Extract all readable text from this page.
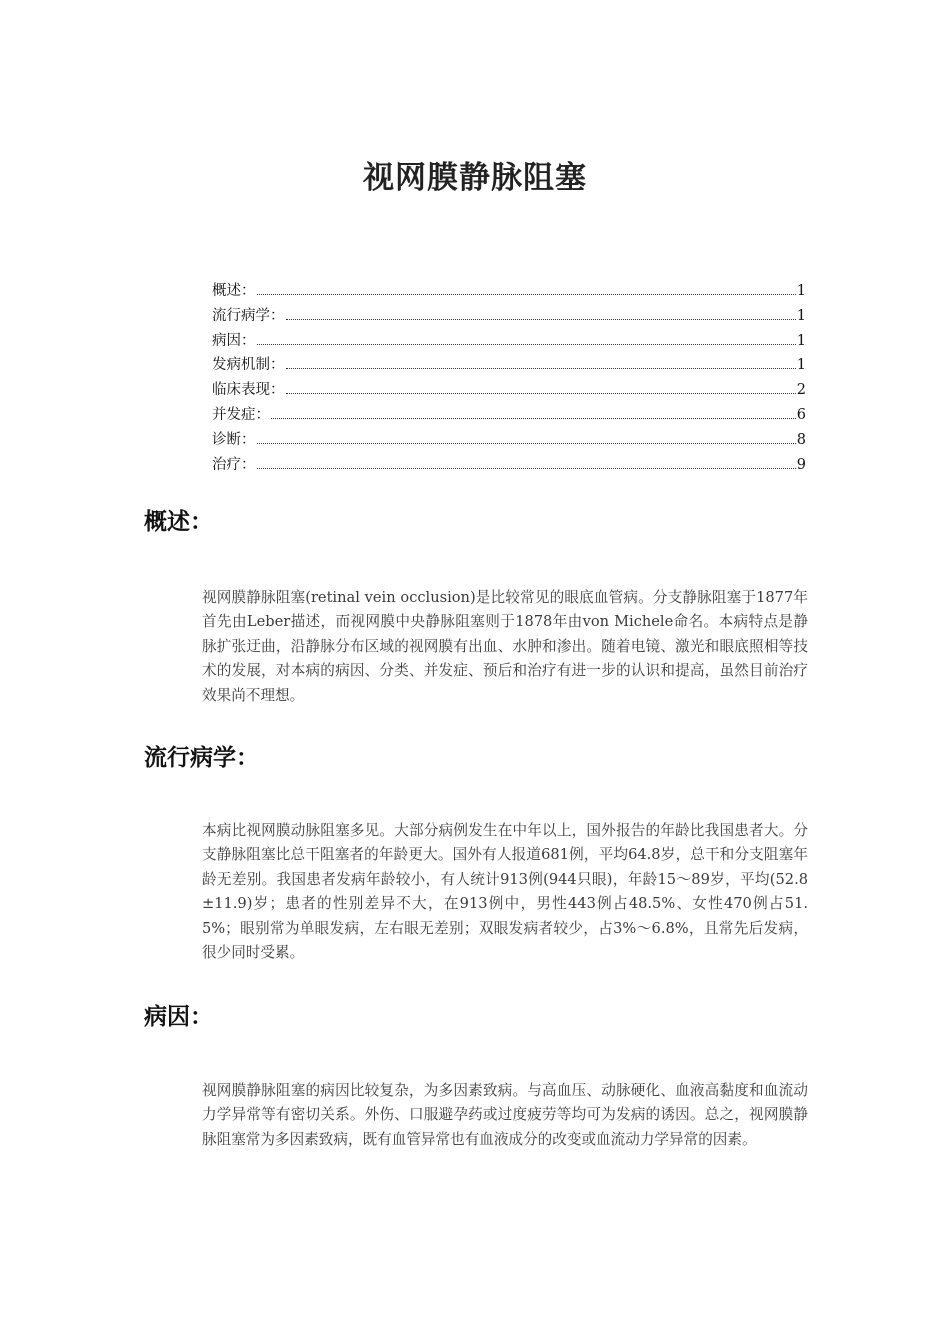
视网膜静脉阻塞
概述：	1
流行病学：	1
病因：	1
发病机制：	1
临床表现：	2
并发症：	6
诊断：	8
治疗：	9
概述：

视网膜静脉阻塞(retinal vein occlusion)是比较常见的眼底血管病。分支静脉阻塞于1877年首先由Leber描述，而视网膜中央静脉阻塞则于1878年由von Michele命名。本病特点是静脉扩张迂曲，沿静脉分布区域的视网膜有出血、水肿和渗出。随着电镜、激光和眼底照相等技术的发展，对本病的病因、分类、并发症、预后和治疗有进一步的认识和提高，虽然目前治疗效果尚不理想。

流行病学：

本病比视网膜动脉阻塞多见。大部分病例发生在中年以上，国外报告的年龄比我国患者大。分支静脉阻塞比总干阻塞者的年龄更大。国外有人报道681例，平均64.8岁，总干和分支阻塞年龄无差别。我国患者发病年龄较小，有人统计913例(944只眼)，年龄15～89岁，平均(52.8±11.9)岁；患者的性别差异不大，在913例中，男性443例占48.5%、女性470例占51.5%；眼别常为单眼发病，左右眼无差别；双眼发病者较少，占3%～6.8%，且常先后发病，很少同时受累。

病因：

视网膜静脉阻塞的病因比较复杂，为多因素致病。与高血压、动脉硬化、血液高黏度和血流动力学异常等有密切关系。外伤、口服避孕药或过度疲劳等均可为发病的诱因。总之，视网膜静脉阻塞常为多因素致病，既有血管异常也有血液成分的改变或血流动力学异常的因素。
